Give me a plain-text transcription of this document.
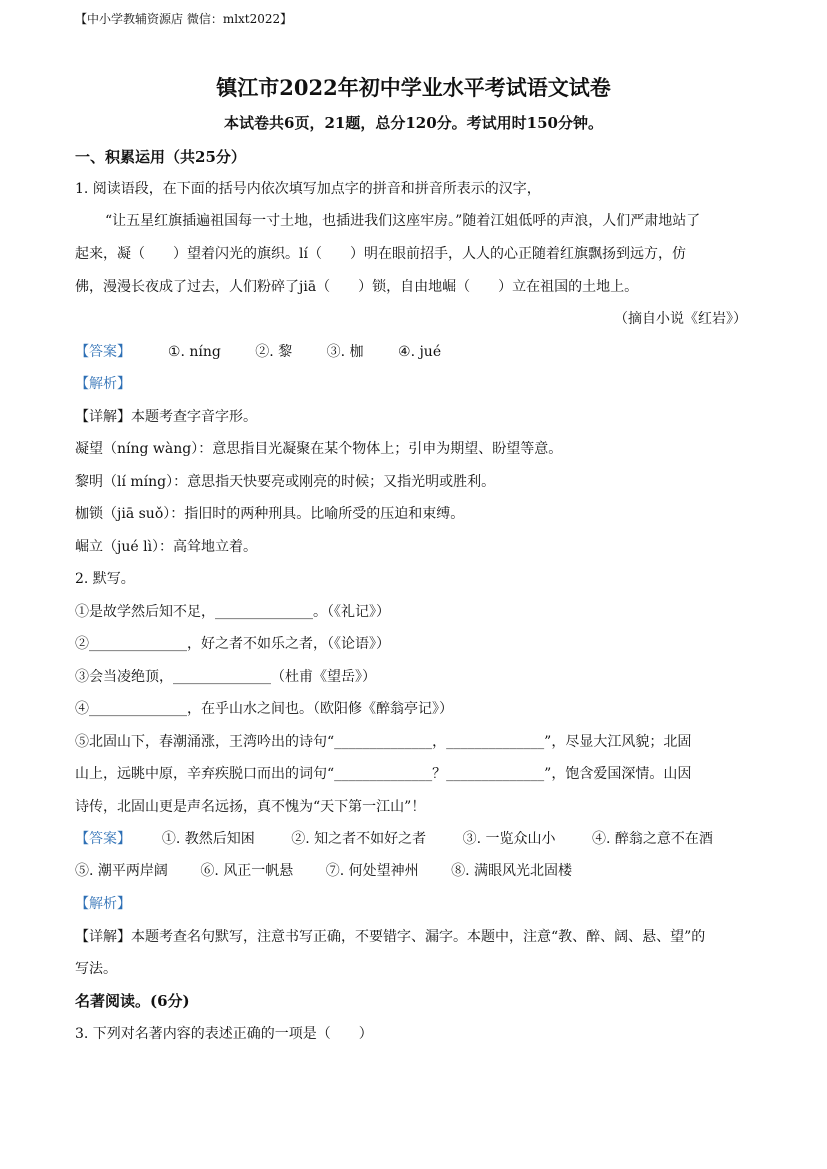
【中小学教辅资源店 微信：mlxt2022】
镇江市2022年初中学业水平考试语文试卷
本试卷共6页，21题，总分120分。考试用时150分钟。
一、积累运用（共25分）
1. 阅读语段，在下面的括号内依次填写加点字的拼音和拼音所表示的汉字，
“让五星红旗插遍祖国每一寸土地，也插进我们这座牢房。”随着江姐低呼的声浪，人们严肃地站了
起来，凝（　　）望着闪光的旗织。lí（　　）明在眼前招手，人人的心正随着红旗飘扬到远方，仿
佛，漫漫长夜成了过去，人们粉碎了jiā（　　）锁，自由地崛（　　）立在祖国的土地上。
（摘自小说《红岩》）
【答案】	①. níng ②. 黎 ③. 枷 ④. jué
【解析】
【详解】本题考查字音字形。
凝望（níng wàng）：意思指目光凝聚在某个物体上；引申为期望、盼望等意。
黎明（lí míng）：意思指天快要亮或刚亮的时候；又指光明或胜利。
枷锁（jiā suǒ）：指旧时的两种刑具。比喻所受的压迫和束缚。
崛立（jué lì）：高耸地立着。
2. 默写。
①是故学然后知不足，______________。（《礼记》）
②______________，好之者不如乐之者，（《论语》）
③会当凌绝顶，______________（杜甫《望岳》）
④______________，在乎山水之间也。（欧阳修《醉翁亭记》）
⑤北固山下，春潮涌涨，王湾吟出的诗句“______________，______________”，尽显大江风貌；北固
山上，远眺中原，辛弃疾脱口而出的词句“______________？______________”，饱含爱国深情。山因
诗传，北固山更是声名远扬，真不愧为“天下第一江山”！
【答案】 ①. 教然后知困	②. 知之者不如好之者	③. 一览众山小	④. 醉翁之意不在酒
⑤. 潮平两岸阔 ⑥. 风正一帆悬 ⑦. 何处望神州 ⑧. 满眼风光北固楼
【解析】
【详解】本题考查名句默写，注意书写正确，不要错字、漏字。本题中，注意“教、醉、阔、悬、望”的
写法。
名著阅读。(6分)
3. 下列对名著内容的表述正确的一项是（　　）
